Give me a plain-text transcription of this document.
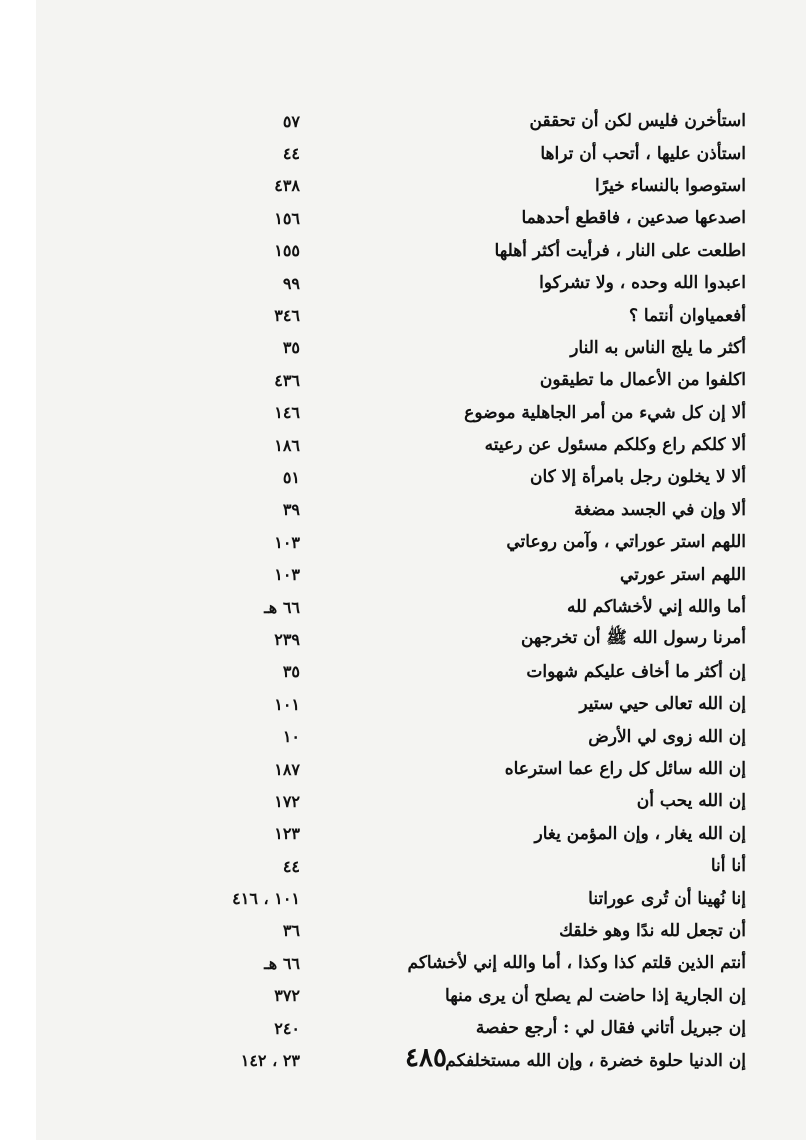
استأخرن فليس لكن أن تحققن
٥٧
استأذن عليها ، أتحب أن تراها
٤٤
استوصوا بالنساء خيرًا
٤٣٨
اصدعها صدعين ، فاقطع أحدهما
١٥٦
اطلعت على النار ، فرأيت أكثر أهلها
١٥٥
اعبدوا الله وحده ، ولا تشركوا
٩٩
أفعمياوان أنتما ؟
٣٤٦
أكثر ما يلج الناس به النار
٣٥
اكلفوا من الأعمال ما تطيقون
٤٣٦
ألا إن كل شيء من أمر الجاهلية موضوع
١٤٦
ألا كلكم راع وكلكم مسئول عن رعيته
١٨٦
ألا لا يخلون رجل بامرأة إلا كان
٥١
ألا وإن في الجسد مضغة
٣٩
اللهم استر عوراتي ، وآمن روعاتي
١٠٣
اللهم استر عورتي
١٠٣
أما والله إني لأخشاكم لله
٦٦ هـ
أمرنا رسول الله ﷺ أن تخرجهن
٢٣٩
إن أكثر ما أخاف عليكم شهوات
٣٥
إن الله تعالى حيي ستير
١٠١
إن الله زوى لي الأرض
١٠
إن الله سائل كل راع عما استرعاه
١٨٧
إن الله يحب أن
١٧٢
إن الله يغار ، وإن المؤمن يغار
١٢٣
أنا أنا
٤٤
إنا نُهينا أن تُرى عوراتنا
١٠١ ، ٤١٦
أن تجعل لله ندًا وهو خلقك
٣٦
أنتم الذين قلتم كذا وكذا ، أما والله إني لأخشاكم
٦٦ هـ
إن الجارية إذا حاضت لم يصلح أن يرى منها
٣٧٢
إن جبريل أتاني فقال لي : أرجع حفصة
٢٤٠
إن الدنيا حلوة خضرة ، وإن الله مستخلفكم
٢٣ ، ١٤٢	٤٨٥
